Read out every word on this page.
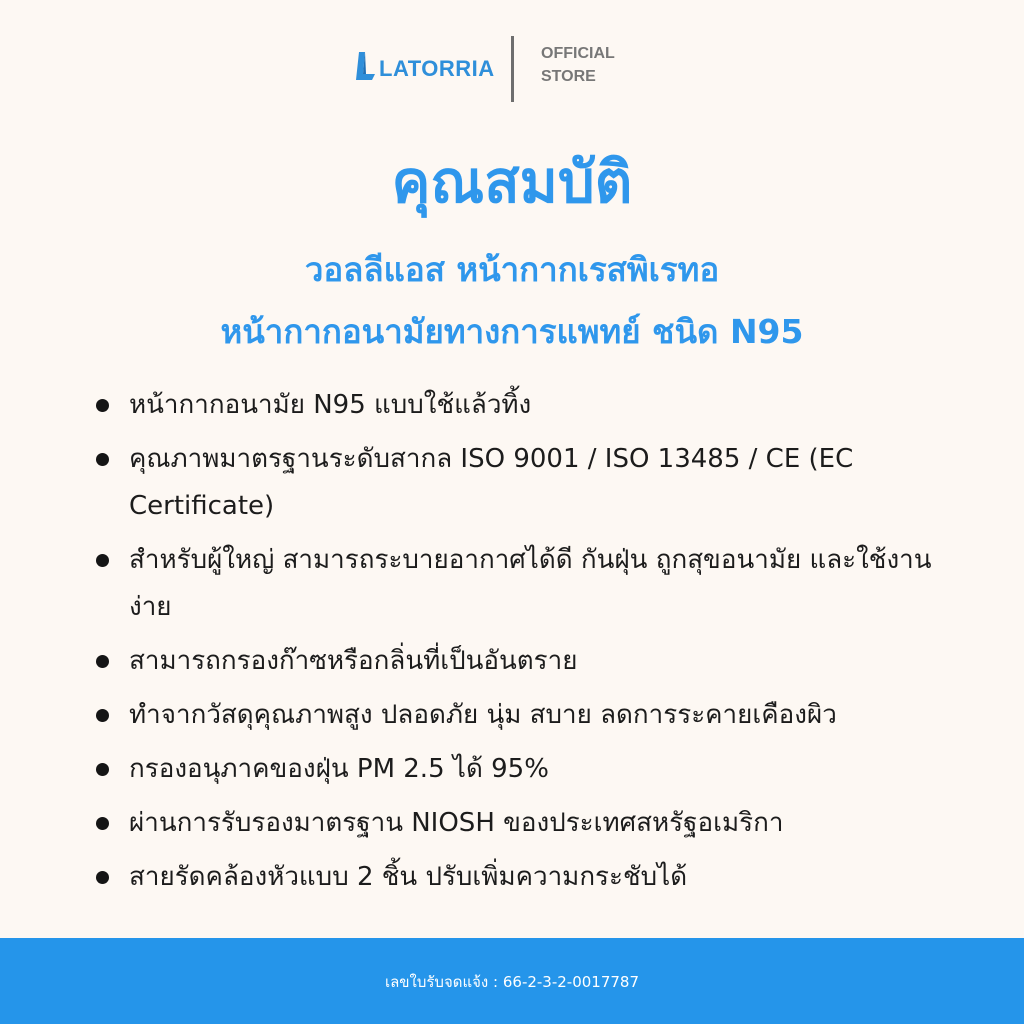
LATORRIA
OFFICIAL
STORE
คุณสมบัติ
วอลลีแอส หน้ากากเรสพิเรทอ
หน้ากากอนามัยทางการแพทย์ ชนิด N95
หน้ากากอนามัย N95 แบบใช้แล้วทิ้ง
คุณภาพมาตรฐานระดับสากล ISO 9001 / ISO 13485 / CE (EC Certificate)
สำหรับผู้ใหญ่ สามารถระบายอากาศได้ดี กันฝุ่น ถูกสุขอนามัย และใช้งานง่าย
สามารถกรองก๊าซหรือกลิ่นที่เป็นอันตราย
ทำจากวัสดุคุณภาพสูง ปลอดภัย นุ่ม สบาย ลดการระคายเคืองผิว
กรองอนุภาคของฝุ่น PM 2.5 ได้ 95%
ผ่านการรับรองมาตรฐาน NIOSH ของประเทศสหรัฐอเมริกา
สายรัดคล้องหัวแบบ 2 ชิ้น ปรับเพิ่มความกระชับได้
เลขใบรับจดแจ้ง : 66-2-3-2-0017787
